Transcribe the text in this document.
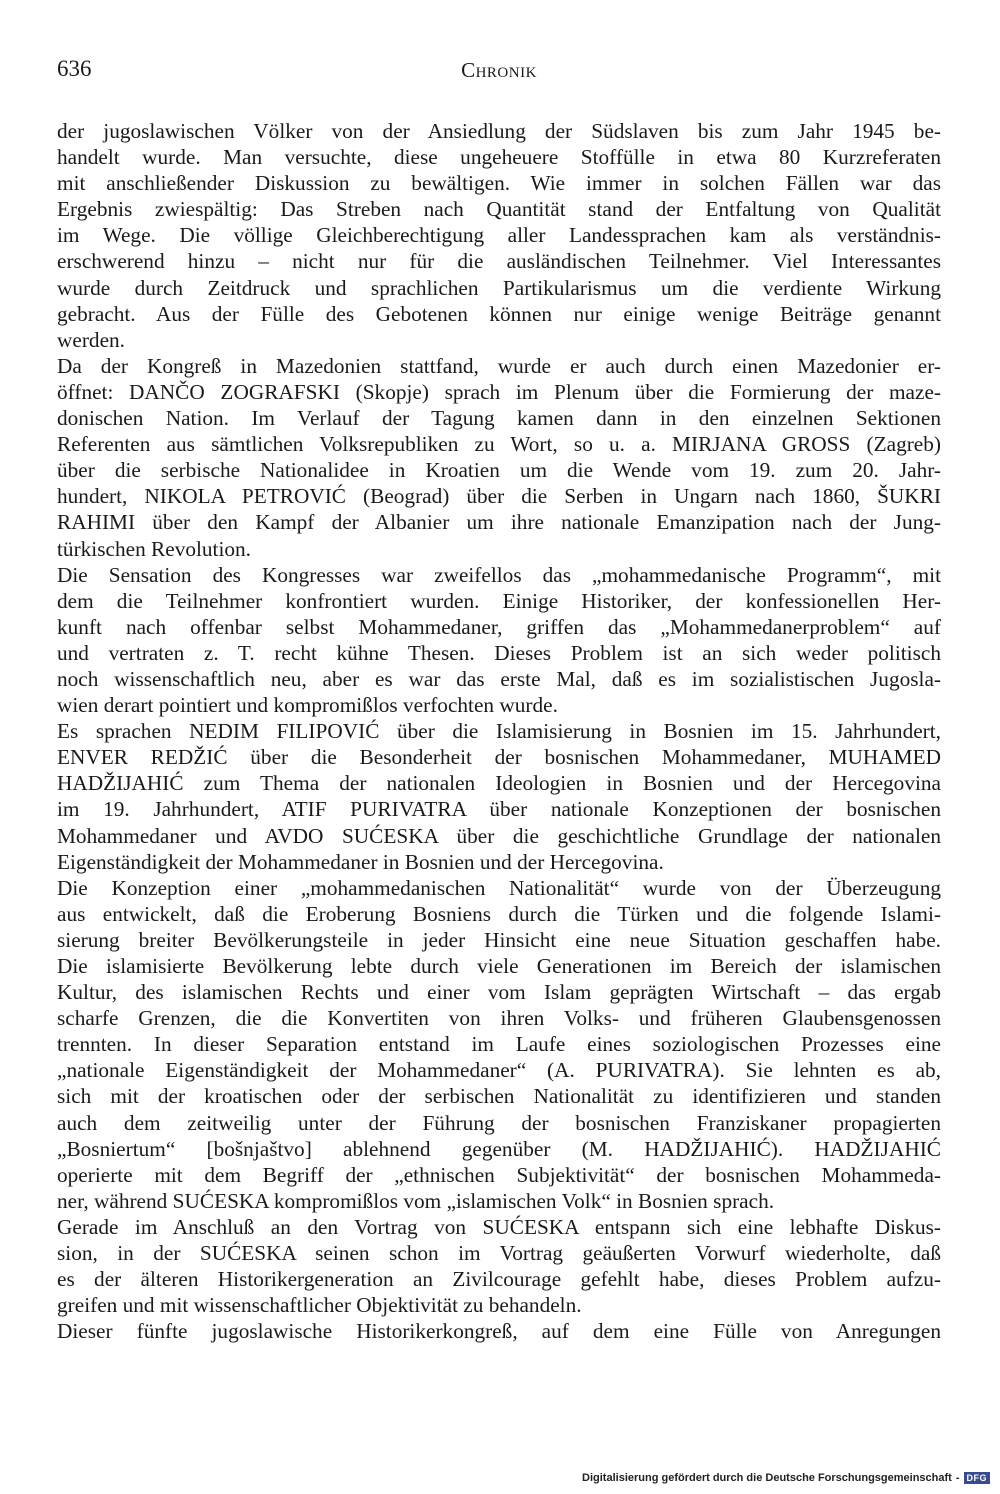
636	Chronik
der jugoslawischen Völker von der Ansiedlung der Südslaven bis zum Jahr 1945 be-
handelt wurde. Man versuchte, diese ungeheuere Stoffülle in etwa 80 Kurzreferaten
mit anschließender Diskussion zu bewältigen. Wie immer in solchen Fällen war das
Ergebnis zwiespältig: Das Streben nach Quantität stand der Entfaltung von Qualität
im Wege. Die völlige Gleichberechtigung aller Landessprachen kam als verständnis-
erschwerend hinzu – nicht nur für die ausländischen Teilnehmer. Viel Interessantes
wurde durch Zeitdruck und sprachlichen Partikularismus um die verdiente Wirkung
gebracht. Aus der Fülle des Gebotenen können nur einige wenige Beiträge genannt
werden.
Da der Kongreß in Mazedonien stattfand, wurde er auch durch einen Mazedonier er-
öffnet: DANČO ZOGRAFSKI (Skopje) sprach im Plenum über die Formierung der maze-
donischen Nation. Im Verlauf der Tagung kamen dann in den einzelnen Sektionen
Referenten aus sämtlichen Volksrepubliken zu Wort, so u. a. MIRJANA GROSS (Zagreb)
über die serbische Nationalidee in Kroatien um die Wende vom 19. zum 20. Jahr-
hundert, NIKOLA PETROVIĆ (Beograd) über die Serben in Ungarn nach 1860, ŠUKRI
RAHIMI über den Kampf der Albanier um ihre nationale Emanzipation nach der Jung-
türkischen Revolution.
Die Sensation des Kongresses war zweifellos das „mohammedanische Programm“, mit
dem die Teilnehmer konfrontiert wurden. Einige Historiker, der konfessionellen Her-
kunft nach offenbar selbst Mohammedaner, griffen das „Mohammedanerproblem“ auf
und vertraten z. T. recht kühne Thesen. Dieses Problem ist an sich weder politisch
noch wissenschaftlich neu, aber es war das erste Mal, daß es im sozialistischen Jugosla-
wien derart pointiert und kompromißlos verfochten wurde.
Es sprachen NEDIM FILIPOVIĆ über die Islamisierung in Bosnien im 15. Jahrhundert,
ENVER REDŽIĆ über die Besonderheit der bosnischen Mohammedaner, MUHAMED
HADŽIJAHIĆ zum Thema der nationalen Ideologien in Bosnien und der Hercegovina
im 19. Jahrhundert, ATIF PURIVATRA über nationale Konzeptionen der bosnischen
Mohammedaner und AVDO SUĆESKA über die geschichtliche Grundlage der nationalen
Eigenständigkeit der Mohammedaner in Bosnien und der Hercegovina.
Die Konzeption einer „mohammedanischen Nationalität“ wurde von der Überzeugung
aus entwickelt, daß die Eroberung Bosniens durch die Türken und die folgende Islami-
sierung breiter Bevölkerungsteile in jeder Hinsicht eine neue Situation geschaffen habe.
Die islamisierte Bevölkerung lebte durch viele Generationen im Bereich der islamischen
Kultur, des islamischen Rechts und einer vom Islam geprägten Wirtschaft – das ergab
scharfe Grenzen, die die Konvertiten von ihren Volks- und früheren Glaubensgenossen
trennten. In dieser Separation entstand im Laufe eines soziologischen Prozesses eine
„nationale Eigenständigkeit der Mohammedaner“ (A. PURIVATRA). Sie lehnten es ab,
sich mit der kroatischen oder der serbischen Nationalität zu identifizieren und standen
auch dem zeitweilig unter der Führung der bosnischen Franziskaner propagierten
„Bosniertum“ [bošnjaštvo] ablehnend gegenüber (M. HADŽIJAHIĆ). HADŽIJAHIĆ
operierte mit dem Begriff der „ethnischen Subjektivität“ der bosnischen Mohammeda-
ner, während SUĆESKA kompromißlos vom „islamischen Volk“ in Bosnien sprach.
Gerade im Anschluß an den Vortrag von SUĆESKA entspann sich eine lebhafte Diskus-
sion, in der SUĆESKA seinen schon im Vortrag geäußerten Vorwurf wiederholte, daß
es der älteren Historikergeneration an Zivilcourage gefehlt habe, dieses Problem aufzu-
greifen und mit wissenschaftlicher Objektivität zu behandeln.
Dieser fünfte jugoslawische Historikerkongreß, auf dem eine Fülle von Anregungen
Digitalisierung gefördert durch die Deutsche Forschungsgemeinschaft - DFG
